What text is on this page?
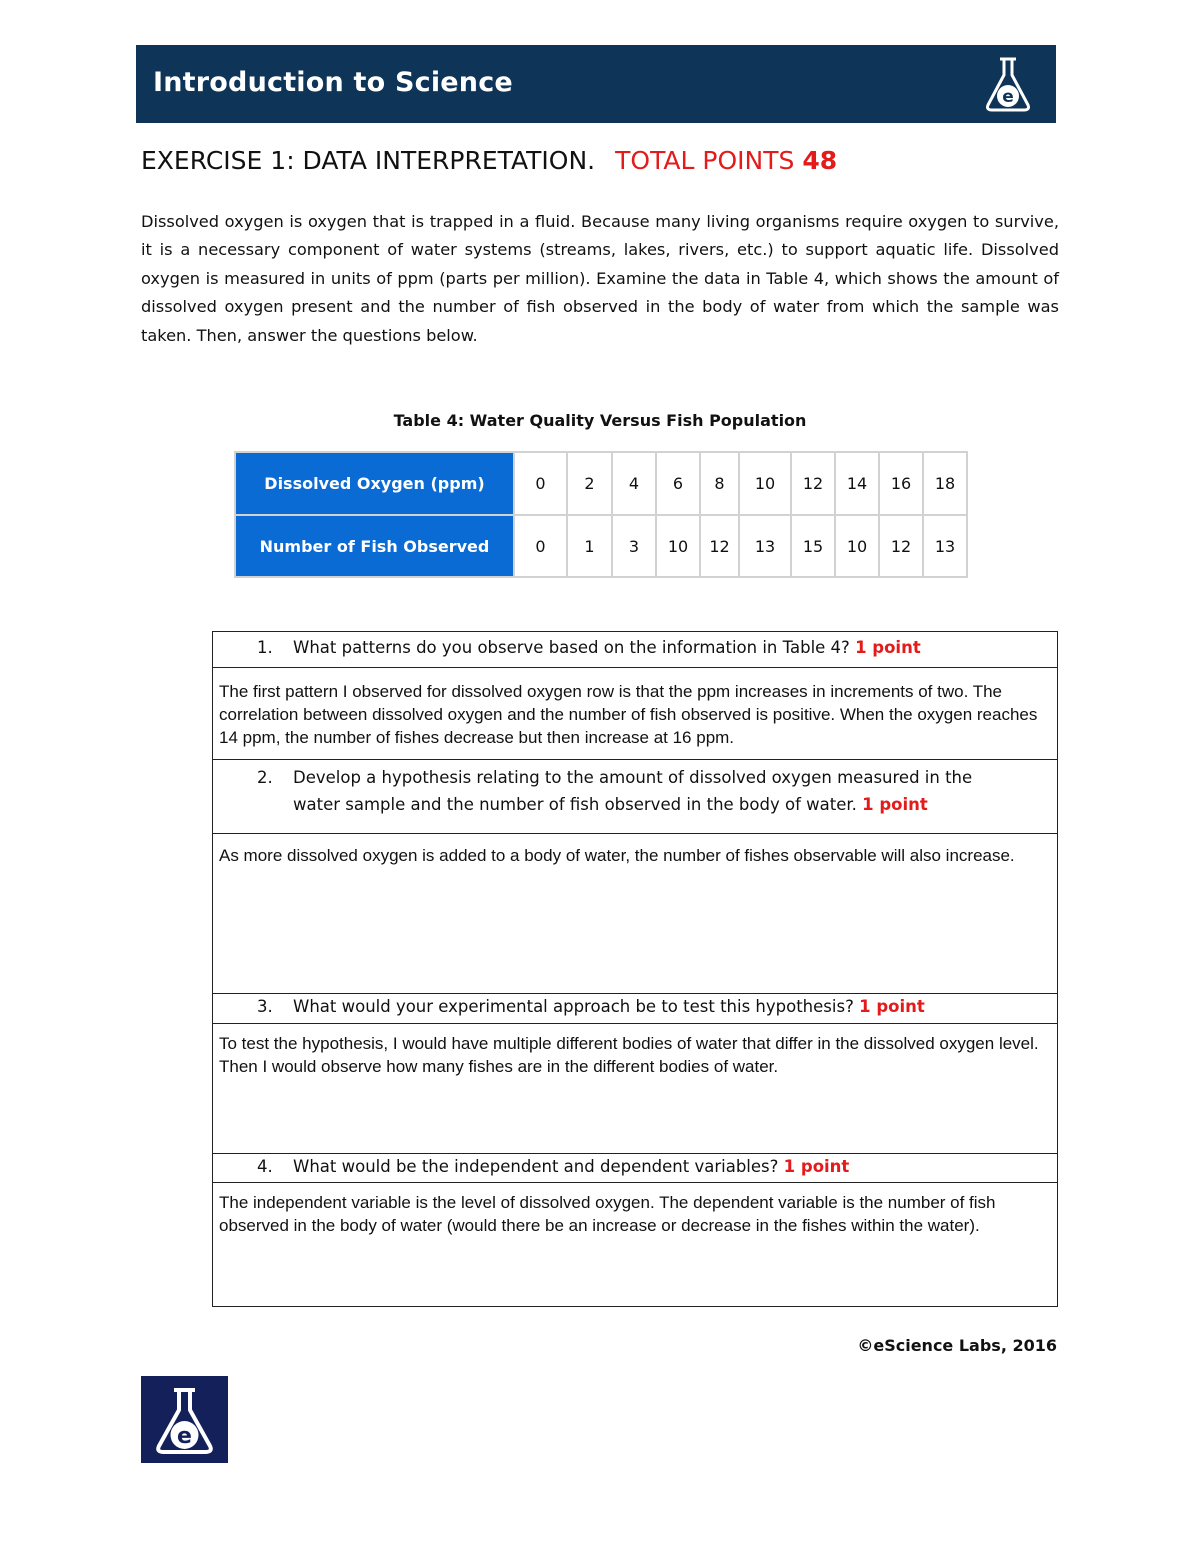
Introduction to Science	e
EXERCISE 1: DATA INTERPRETATION. TOTAL POINTS 48
Dissolved oxygen is oxygen that is trapped in a fluid. Because many living organisms require oxygen to survive, it is a necessary component of water systems (streams, lakes, rivers, etc.) to support aquatic life. Dissolved oxygen is measured in units of ppm (parts per million). Examine the data in Table 4, which shows the amount of dissolved oxygen present and the number of fish observed in the body of water from which the sample was taken. Then, answer the questions below.
Table 4: Water Quality Versus Fish Population
Dissolved Oxygen (ppm)	0	2	4	6	8	10	12	14	16	18
Number of Fish Observed	0	1	3	10	12	13	15	10	12	13
1. What patterns do you observe based on the information in Table 4? 1 point
The first pattern I observed for dissolved oxygen row is that the ppm increases in increments of two. The correlation between dissolved oxygen and the number of fish observed is positive. When the oxygen reaches 14 ppm, the number of fishes decrease but then increase at 16 ppm.
2. Develop a hypothesis relating to the amount of dissolved oxygen measured in the water sample and the number of fish observed in the body of water. 1 point
As more dissolved oxygen is added to a body of water, the number of fishes observable will also increase.
3. What would your experimental approach be to test this hypothesis? 1 point
To test the hypothesis, I would have multiple different bodies of water that differ in the dissolved oxygen level. Then I would observe how many fishes are in the different bodies of water.
4. What would be the independent and dependent variables? 1 point
The independent variable is the level of dissolved oxygen. The dependent variable is the number of fish observed in the body of water (would there be an increase or decrease in the fishes within the water).
©eScience Labs, 2016
e
